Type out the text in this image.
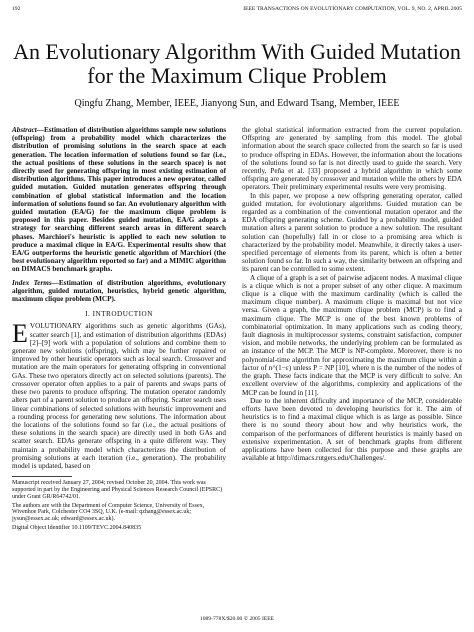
192	IEEE TRANSACTIONS ON EVOLUTIONARY COMPUTATION, VOL. 9, NO. 2, APRIL 2005
An Evolutionary Algorithm With Guided Mutation for the Maximum Clique Problem
Qingfu Zhang, Member, IEEE, Jianyong Sun, and Edward Tsang, Member, IEEE
Abstract—Estimation of distribution algorithms sample new solutions (offspring) from a probability model which characterizes the distribution of promising solutions in the search space at each generation. The location information of solutions found so far (i.e., the actual positions of these solutions in the search space) is not directly used for generating offspring in most existing estimation of distribution algorithms. This paper introduces a new operator, called guided mutation. Guided mutation generates offspring through combination of global statistical information and the location information of solutions found so far. An evolutionary algorithm with guided mutation (EA/G) for the maximum clique problem is proposed in this paper. Besides guided mutation, EA/G adopts a strategy for searching different search areas in different search phases. Marchiori's heuristic is applied to each new solution to produce a maximal clique in EA/G. Experimental results show that EA/G outperforms the heuristic genetic algorithm of Marchiori (the best evolutionary algorithm reported so far) and a MIMIC algorithm on DIMACS benchmark graphs.
Index Terms—Estimation of distribution algorithms, evolutionary algorithm, guided mutation, heuristics, hybrid genetic algorithm, maximum clique problem (MCP).
I. INTRODUCTION
EVOLUTIONARY algorithms such as genetic algorithms (GAs), scatter search [1], and estimation of distribution algorithms (EDAs) [2]–[9] work with a population of solutions and combine them to generate new solutions (offspring), which may be further repaired or improved by other heuristic operators such as local search. Crossover and mutation are the main operators for generating offspring in conventional GAs. These two operators directly act on selected solutions (parents). The crossover operator often applies to a pair of parents and swaps parts of these two parents to produce offspring. The mutation operator randomly alters part of a parent solution to produce an offspring. Scatter search uses linear combinations of selected solutions with heuristic improvement and a rounding process for generating new solutions. The information about the locations of the solutions found so far (i.e., the actual positions of these solutions in the search space) are directly used in both GAs and scatter search. EDAs generate offspring in a quite different way. They maintain a probability model which characterizes the distribution of promising solutions at each iteration (i.e., generation). The probability model is updated, based on

Manuscript received January 27, 2004; revised October 20, 2004. This work was supported in part by the Engineering and Physical Sciences Research Council (EPSRC) under Grant GR/R64742/01.

The authors are with the Department of Computer Science, University of Essex, Wivenhoe Park, Colchester CO4 3SQ, U.K. (e-mail: qzhang@essex.ac.uk; jysun@essex.ac.uk; edward@essex.ac.uk).

Digital Object Identifier 10.1109/TEVC.2004.840835

the global statistical information extracted from the current population. Offspring are generated by sampling from this model. The global information about the search space collected from the search so far is used to produce offspring in EDAs. However, the information about the locations of the solutions found so far is not directly used to guide the search. Very recently, Peña et al. [33] proposed a hybrid algorithm in which some offspring are generated by crossover and mutation while the others by EDA operators. Their preliminary experimental results were very promising.

In this paper, we propose a new offspring generating operator, called guided mutation, for evolutionary algorithms. Guided mutation can be regarded as a combination of the conventional mutation operator and the EDA offspring generating scheme. Guided by a probability model, guided mutation alters a parent solution to produce a new solution. The resultant solution can (hopefully) fall in or close to a promising area which is characterized by the probability model. Meanwhile, it directly takes a user-specified percentage of elements from its parent, which is often a better solution found so far. In such a way, the similarity between an offspring and its parent can be controlled to some extent.

A clique of a graph is a set of pairwise adjacent nodes. A maximal clique is a clique which is not a proper subset of any other clique. A maximum clique is a clique with the maximum cardinality (which is called the maximum clique number). A maximum clique is maximal but not vice versa. Given a graph, the maximum clique problem (MCP) is to find a maximum clique. The MCP is one of the best known problems of combinatorial optimization. In many applications such as coding theory, fault diagnosis in multiprocessor systems, constraint satisfaction, computer vision, and mobile networks, the underlying problem can be formulated as an instance of the MCP. The MCP is NP-complete. Moreover, there is no polynomial-time algorithm for approximating the maximum clique within a factor of n^(1−ε) unless P = NP [10], where n is the number of the nodes of the graph. These facts indicate that the MCP is very difficult to solve. An excellent overview of the algorithms, complexity and applications of the MCP can be found in [11].

Due to the inherent difficulty and importance of the MCP, considerable efforts have been devoted to developing heuristics for it. The aim of heuristics is to find a maximal clique which is as large as possible. Since there is no sound theory about how and why heuristics work, the comparison of the performances of different heuristics is mainly based on extensive experimentation. A set of benchmark graphs from different applications have been collected for this purpose and these graphs are available at http://dimacs.rutgers.edu/Challenges/.

1089-778X/$20.00 © 2005 IEEE
